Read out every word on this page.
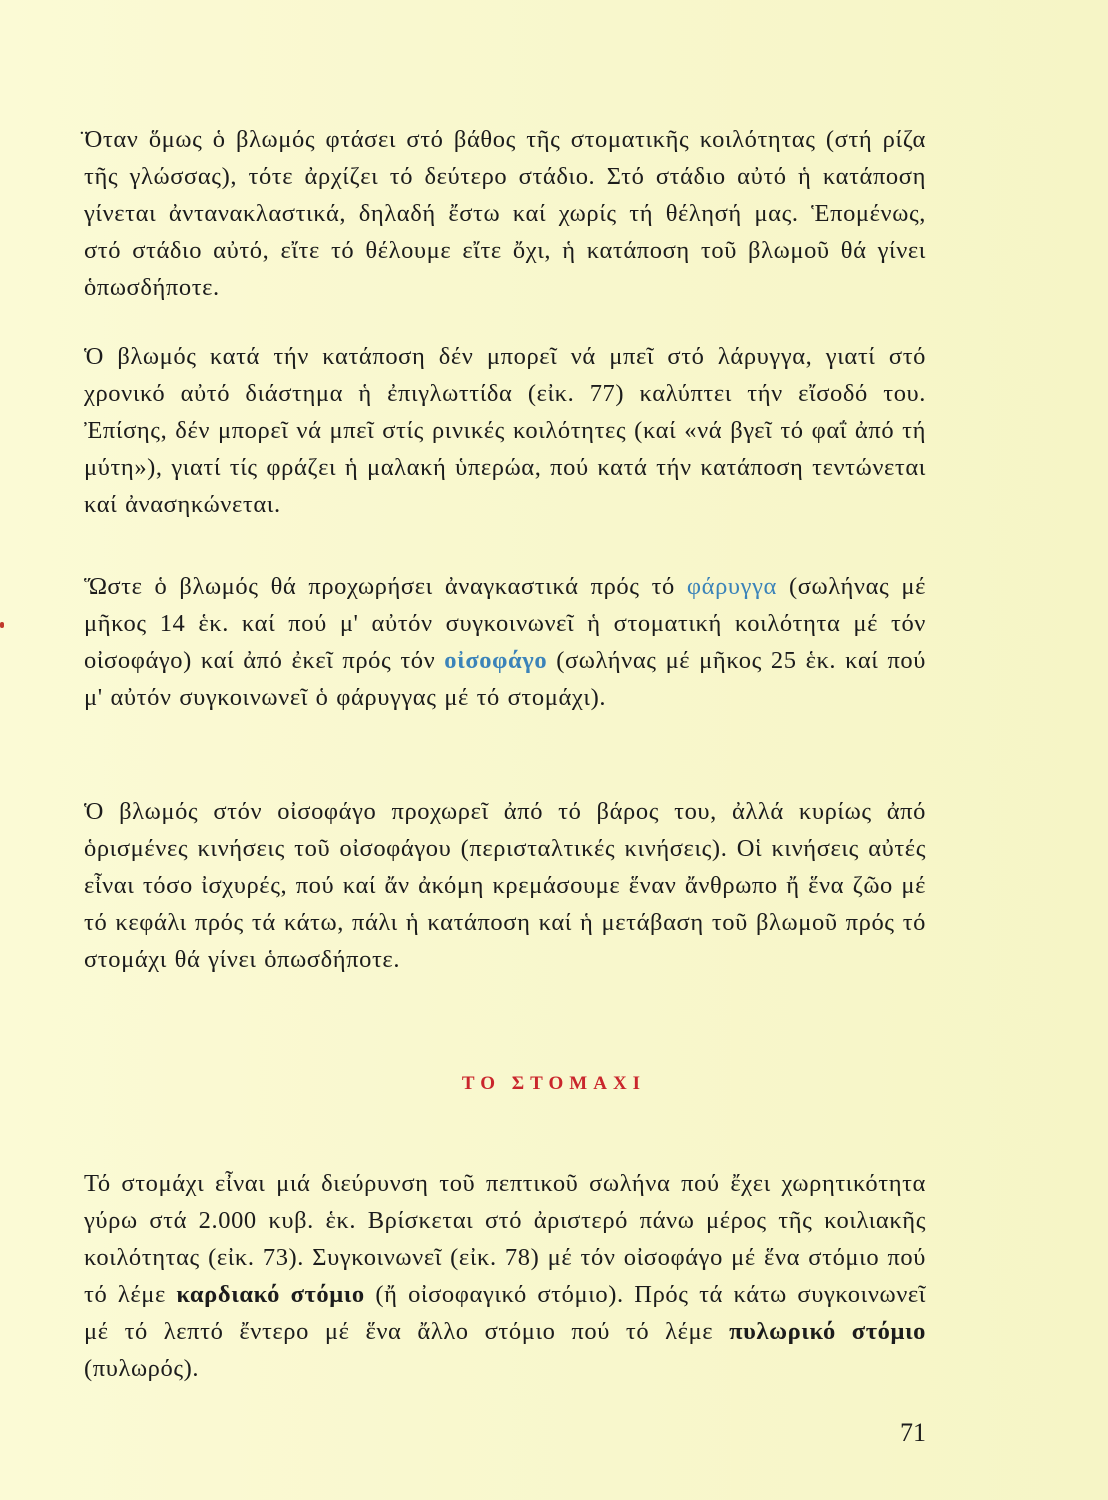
̈Οταν ὅμως ὁ βλωμός φτάσει στό βάθος τῆς στοματικῆς κοιλότητας (στή ρίζα τῆς γλώσσας), τότε ἀρχίζει τό δεύτερο στάδιο. Στό στάδιο αὐτό ἡ κατάποση γίνεται ἀντανακλαστικά, δηλαδή ἔστω καί χωρίς τή θέλησή μας. Ἑπομένως, στό στάδιο αὐτό, εἴτε τό θέλουμε εἴτε ὄχι, ἡ κατάποση τοῦ βλωμοῦ θά γίνει ὁπωσδήποτε.

Ὁ βλωμός κατά τήν κατάποση δέν μπορεῖ νά μπεῖ στό λάρυγγα, γιατί στό χρονικό αὐτό διάστημα ἡ ἐπιγλωττίδα (εἰκ. 77) καλύπτει τήν εἴσοδό του. Ἐπίσης, δέν μπορεῖ νά μπεῖ στίς ρινικές κοιλότητες (καί «νά βγεῖ τό φαΐ ἀπό τή μύτη»), γιατί τίς φράζει ἡ μαλακή ὑπερώα, πού κατά τήν κατάποση τεντώνεται καί ἀνασηκώνεται.

Ὥστε ὁ βλωμός θά προχωρήσει ἀναγκαστικά πρός τό φάρυγγα (σωλήνας μέ μῆκος 14 ἑκ. καί πού μ' αὐτόν συγκοινωνεῖ ἡ στοματική κοιλότητα μέ τόν οἰσοφάγο) καί ἀπό ἐκεῖ πρός τόν οἰσοφάγο (σωλήνας μέ μῆκος 25 ἑκ. καί πού μ' αὐτόν συγκοινωνεῖ ὁ φάρυγγας μέ τό στομάχι).

Ὁ βλωμός στόν οἰσοφάγο προχωρεῖ ἀπό τό βάρος του, ἀλλά κυρίως ἀπό ὁρισμένες κινήσεις τοῦ οἰσοφάγου (περισταλτικές κινήσεις). Οἱ κινήσεις αὐτές εἶναι τόσο ἰσχυρές, πού καί ἄν ἀκόμη κρεμάσουμε ἕναν ἄνθρωπο ἤ ἕνα ζῶο μέ τό κεφάλι πρός τά κάτω, πάλι ἡ κατάποση καί ἡ μετάβαση τοῦ βλωμοῦ πρός τό στομάχι θά γίνει ὁπωσδήποτε.

ΤΟ ΣΤΟΜΑΧΙ

Τό στομάχι εἶναι μιά διεύρυνση τοῦ πεπτικοῦ σωλήνα πού ἔχει χωρητικότητα γύρω στά 2.000 κυβ. ἑκ. Βρίσκεται στό ἀριστερό πάνω μέρος τῆς κοιλιακῆς κοιλότητας (εἰκ. 73). Συγκοινωνεῖ (εἰκ. 78) μέ τόν οἰσοφάγο μέ ἕνα στόμιο πού τό λέμε καρδιακό στόμιο (ἤ οἰσοφαγικό στόμιο). Πρός τά κάτω συγκοινωνεῖ μέ τό λεπτό ἔντερο μέ ἕνα ἄλλο στόμιο πού τό λέμε πυλωρικό στόμιο (πυλωρός).

71
